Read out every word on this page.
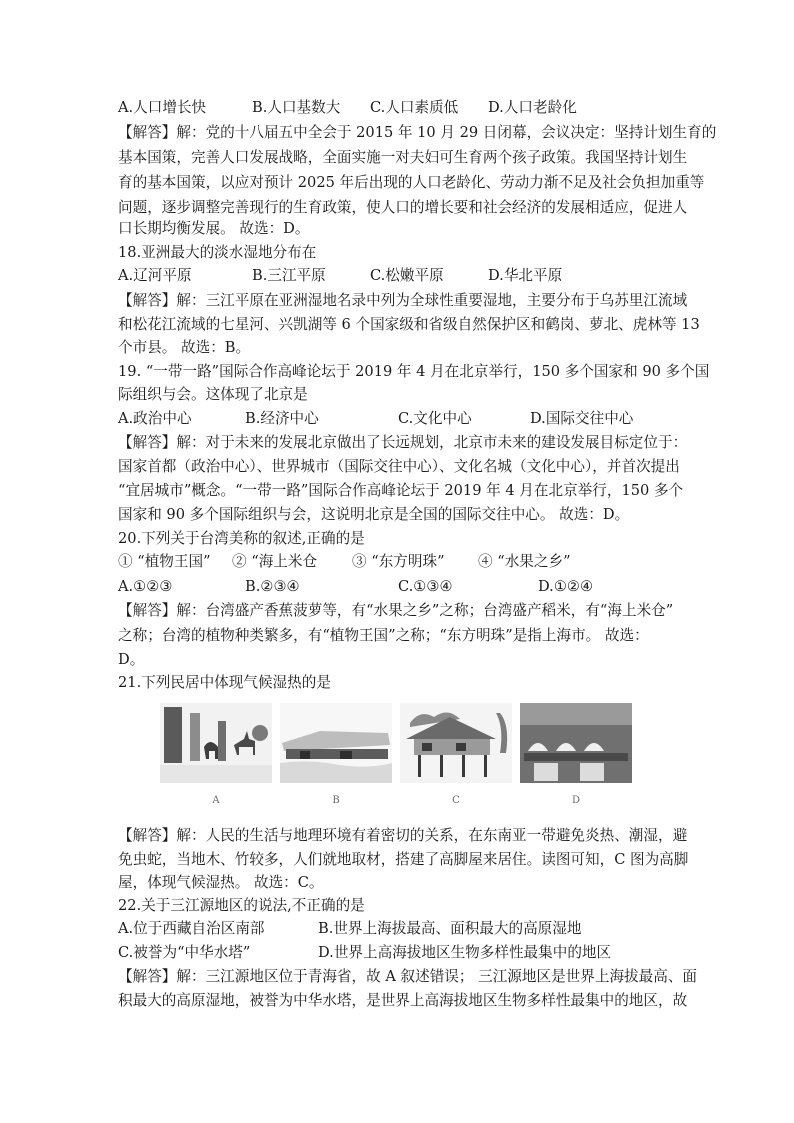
A.人口增长快	B.人口基数大 C.人口素质低 D.人口老龄化
【解答】解：党的十八届五中全会于 2015 年 10 月 29 日闭幕，会议决定：坚持计划生育的
基本国策，完善人口发展战略，全面实施一对夫妇可生育两个孩子政策。我国坚持计划生
育的基本国策，以应对预计 2025 年后出现的人口老龄化、劳动力渐不足及社会负担加重等
问题，逐步调整完善现行的生育政策，使人口的增长要和社会经济的发展相适应，促进人
口长期均衡发展。 故选：D。
18.亚洲最大的淡水湿地分布在
A.辽河平原	B.三江平原	C.松嫩平原	D.华北平原
【解答】解：三江平原在亚洲湿地名录中列为全球性重要湿地，主要分布于乌苏里江流域
和松花江流域的七星河、兴凯湖等 6 个国家级和省级自然保护区和鹤岗、萝北、虎林等 13
个市县。 故选：B。
19. “一带一路”国际合作高峰论坛于 2019 年 4 月在北京举行，150 多个国家和 90 多个国
际组织与会。这体现了北京是
A.政治中心	B.经济中心	C.文化中心	D.国际交往中心
【解答】解：对于未来的发展北京做出了长远规划，北京市未来的建设发展目标定位于：
国家首都（政治中心）、世界城市（国际交往中心）、文化名城（文化中心），并首次提出
“宜居城市”概念。“一带一路”国际合作高峰论坛于 2019 年 4 月在北京举行，150 多个
国家和 90 多个国际组织与会，这说明北京是全国的国际交往中心。 故选：D。
20.下列关于台湾美称的叙述,正确的是
① “植物王国” ② “海上米仓 ③ “东方明珠” ④ “水果之乡”
A.①②③	B.②③④	C.①③④	D.①②④
【解答】解：台湾盛产香蕉菠萝等，有“水果之乡”之称；台湾盛产稻米，有“海上米仓”
之称；台湾的植物种类繁多，有“植物王国”之称；“东方明珠”是指上海市。 故选：
D。
21.下列民居中体现气候湿热的是
A	B	C	D
【解答】解：人民的生活与地理环境有着密切的关系，在东南亚一带避免炎热、潮湿，避
免虫蛇，当地木、竹较多，人们就地取材，搭建了高脚屋来居住。读图可知，C 图为高脚
屋，体现气候湿热。 故选：C。
22.关于三江源地区的说法,不正确的是
A.位于西藏自治区南部	B.世界上海拔最高、面积最大的高原湿地
C.被誉为“中华水塔”	D.世界上高海拔地区生物多样性最集中的地区
【解答】解：三江源地区位于青海省，故 A 叙述错误； 三江源地区是世界上海拔最高、面
积最大的高原湿地，被誉为中华水塔，是世界上高海拔地区生物多样性最集中的地区，故
